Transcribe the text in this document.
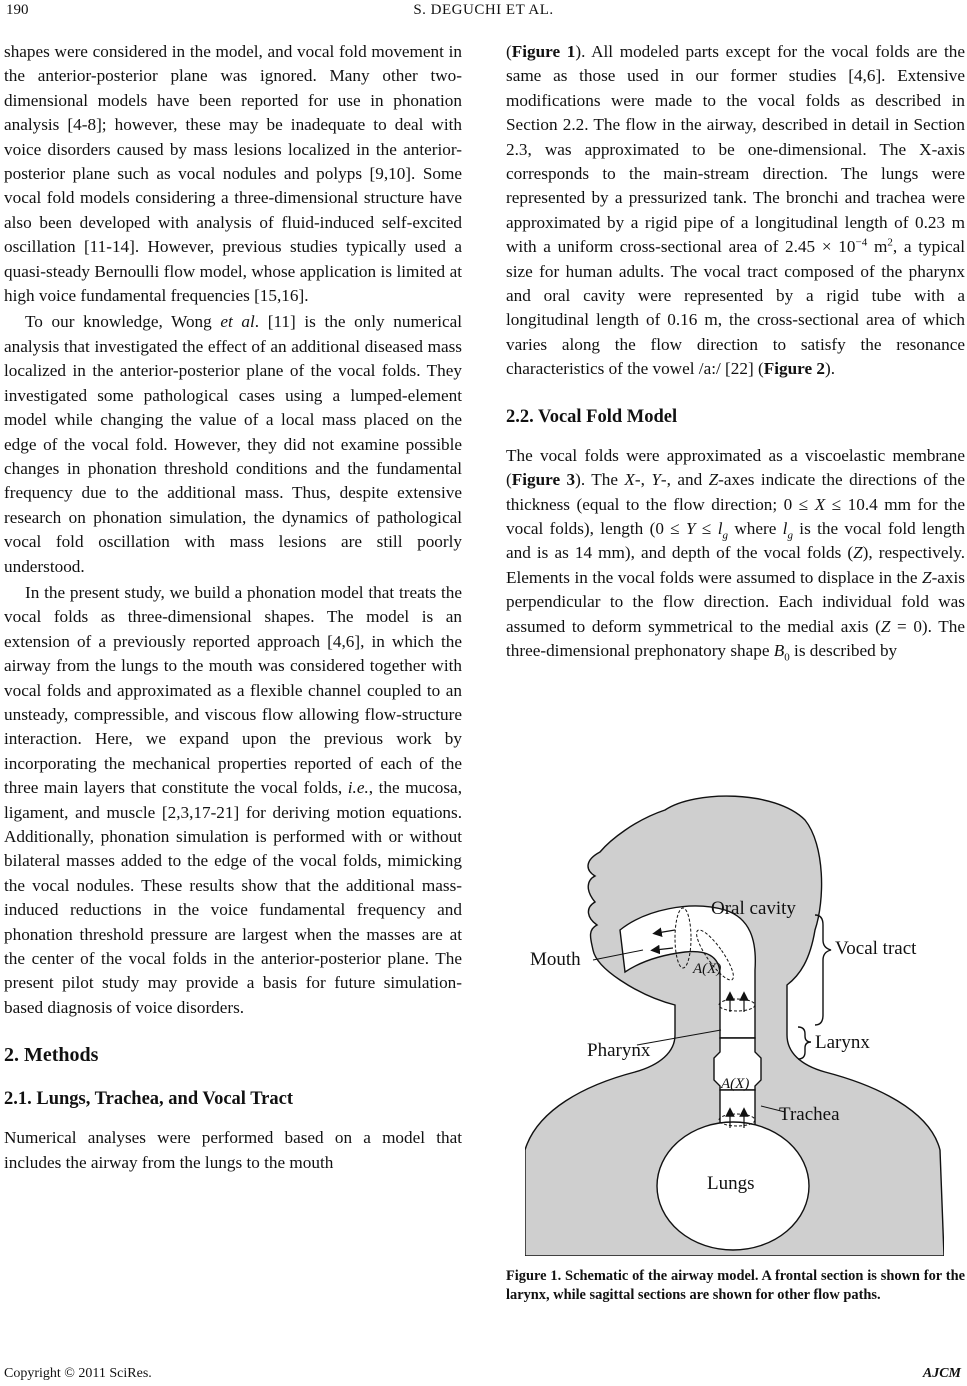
190	S. DEGUCHI ET AL.

shapes were considered in the model, and vocal fold movement in the anterior-posterior plane was ignored. Many other two-dimensional models have been reported for use in phonation analysis [4-8]; however, these may be inadequate to deal with voice disorders caused by mass lesions localized in the anterior-posterior plane such as vocal nodules and polyps [9,10]. Some vocal fold models considering a three-dimensional structure have also been developed with analysis of fluid-induced self-excited oscillation [11-14]. However, previous studies typically used a quasi-steady Bernoulli flow model, whose application is limited at high voice fundamental frequencies [15,16].

To our knowledge, Wong et al. [11] is the only numerical analysis that investigated the effect of an additional diseased mass localized in the anterior-posterior plane of the vocal folds. They investigated some pathological cases using a lumped-element model while changing the value of a local mass placed on the edge of the vocal fold. However, they did not examine possible changes in phonation threshold conditions and the fundamental frequency due to the additional mass. Thus, despite extensive research on phonation simulation, the dynamics of pathological vocal fold oscillation with mass lesions are still poorly understood.

In the present study, we build a phonation model that treats the vocal folds as three-dimensional shapes. The model is an extension of a previously reported approach [4,6], in which the airway from the lungs to the mouth was considered together with vocal folds and approximated as a flexible channel coupled to an unsteady, compressible, and viscous flow allowing flow-structure interaction. Here, we expand upon the previous work by incorporating the mechanical properties reported of each of the three main layers that constitute the vocal folds, i.e., the mucosa, ligament, and muscle [2,3,17-21] for deriving motion equations. Additionally, phonation simulation is performed with or without bilateral masses added to the edge of the vocal folds, mimicking the vocal nodules. These results show that the additional mass-induced reductions in the voice fundamental frequency and phonation threshold pressure are largest when the masses are at the center of the vocal folds in the anterior-posterior plane. The present pilot study may provide a basis for future simulation-based diagnosis of voice disorders.

2. Methods
2.1. Lungs, Trachea, and Vocal Tract

Numerical analyses were performed based on a model that includes the airway from the lungs to the mouth

(Figure 1). All modeled parts except for the vocal folds are the same as those used in our former studies [4,6]. Extensive modifications were made to the vocal folds as described in Section 2.2. The flow in the airway, described in detail in Section 2.3, was approximated to be one-dimensional. The X-axis corresponds to the main-stream direction. The lungs were represented by a pressurized tank. The bronchi and trachea were approximated by a rigid pipe of a longitudinal length of 0.23 m with a uniform cross-sectional area of $2.45 \times 10^{-4}$ $m^2$, a typical size for human adults. The vocal tract composed of the pharynx and oral cavity were represented by a rigid tube with a longitudinal length of 0.16 m, the cross-sectional area of which varies along the flow direction to satisfy the resonance characteristics of the vowel /a:/ [22] (Figure 2).

2.2. Vocal Fold Model

The vocal folds were approximated as a viscoelastic membrane (Figure 3). The X-, Y-, and Z-axes indicate the directions of the thickness (equal to the flow direction; 0 ≤ X ≤ 10.4 mm for the vocal folds), length ($0 \le Y \le l_g$ where $l_g$ is the vocal fold length and is as 14 mm), and depth of the vocal folds (Z), respectively. Elements in the vocal folds were assumed to displace in the Z-axis perpendicular to the flow direction. Each individual fold was assumed to deform symmetrical to the medial axis (Z = 0). The three-dimensional prephonatory shape $B_0$ is described by

Oral cavity
Vocal tract
Mouth	A(X)
Larynx
Pharynx
A(X)
Trachea
Lungs
Figure 1. Schematic of the airway model. A frontal section is shown for the larynx, while sagittal sections are shown for other flow paths.
Copyright © 2011 SciRes.	AJCM
